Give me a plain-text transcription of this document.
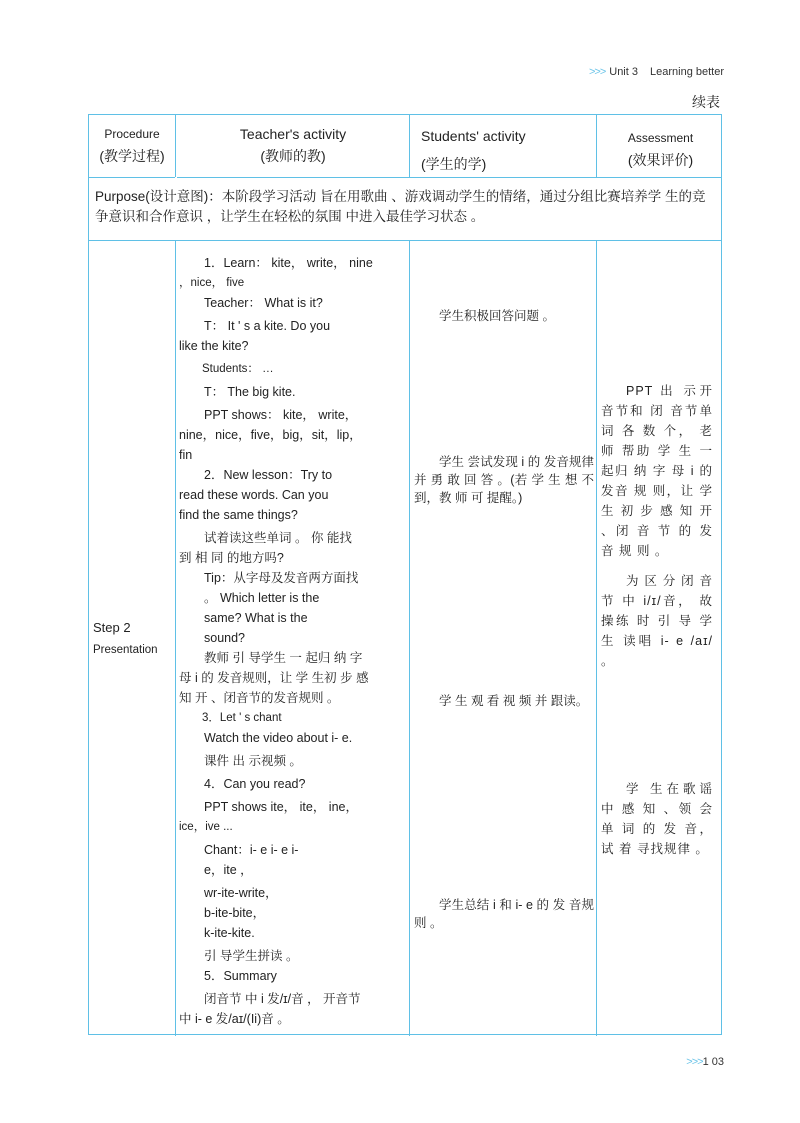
>>> Unit 3 Learning better
续表
Procedure
(教学过程)
Teacher's activity
(教师的教)
Students' activity
(学生的学)
Assessment
(效果评价)
Purpose(设计意图)：本阶段学习活动 旨在用歌曲 、游戏调动学生的情绪，通过分组比赛培养学 生的竞争意识和合作意识 ，让学生在轻松的氛围 中进入最佳学习状态 。
Step 2
Presentation

1．Learn： kite， write， nine

，nice， five

Teacher： What is it?

T： It ' s a kite. Do you

like the kite?

Students： …

T： The big kite.

PPT shows： kite， write，

nine，nice，five，big，sit，lip，

fin

2．New lesson：Try to

read these words. Can you

find the same things?

试着读这些单词 。 你 能找

到 相 同 的地方吗?

Tip：从字母及发音两方面找

。 Which letter is the

same? What is the

sound?

教师 引 导学生 一 起归 纳 字

母 i 的 发音规则，让 学 生初 步 感

知 开 、闭音节的发音规则 。

3．Let ' s chant

Watch the video about i- e.

课件 出 示视频 。

4．Can you read?

PPT shows ite， ite， ine，

ice，ive ...

Chant：i- e i- e i-

e，ite ，

wr-ite-write，

b-ite-bite，

k-ite-kite.

引 导学生拼读 。

5．Summary

闭音节 中 i 发/ɪ/音 ， 开音节

中 i- e 发/aɪ/(Ii)音 。

学生积极回答问题 。
学生 尝试发现 i 的 发音规律并 勇 敢 回 答 。(若 学 生 想 不 到，教 师 可 提醒。)
学 生 观 看 视 频 并 跟读。
学生总结 i 和 i- e 的 发 音规则 。
PPT 出 示开 音节和 闭 音节单 词 各 数 个， 老 师 帮助 学 生 一 起归 纳 字 母 i 的 发音 规 则，让 学 生 初 步 感 知 开 、闭 音 节 的 发 音 规 则 。
为 区 分 闭 音 节 中 i/ɪ/音， 故 操练 时 引 导 学 生 读唱 i- e /aɪ/ 。
学 生在歌谣 中 感 知 、领 会 单 词 的 发 音， 试 着 寻找规律 。
>>>1 03
